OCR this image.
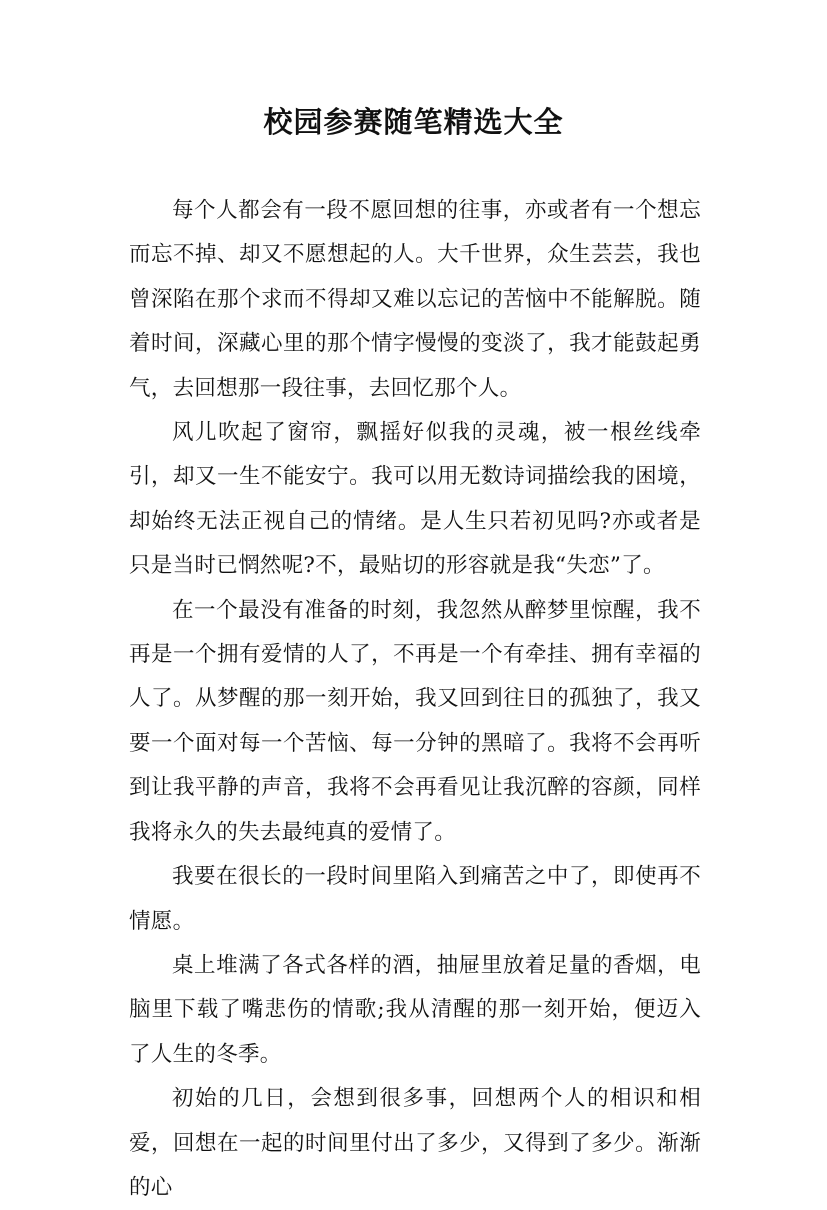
校园参赛随笔精选大全

每个人都会有一段不愿回想的往事，亦或者有一个想忘而忘不掉、却又不愿想起的人。大千世界，众生芸芸，我也曾深陷在那个求而不得却又难以忘记的苦恼中不能解脱。随着时间，深藏心里的那个情字慢慢的变淡了，我才能鼓起勇气，去回想那一段往事，去回忆那个人。

风儿吹起了窗帘，飘摇好似我的灵魂，被一根丝线牵引，却又一生不能安宁。我可以用无数诗词描绘我的困境，却始终无法正视自己的情绪。是人生只若初见吗?亦或者是只是当时已惘然呢?不，最贴切的形容就是我“失恋”了。

在一个最没有准备的时刻，我忽然从醉梦里惊醒，我不再是一个拥有爱情的人了，不再是一个有牵挂、拥有幸福的人了。从梦醒的那一刻开始，我又回到往日的孤独了，我又要一个面对每一个苦恼、每一分钟的黑暗了。我将不会再听到让我平静的声音，我将不会再看见让我沉醉的容颜，同样我将永久的失去最纯真的爱情了。

我要在很长的一段时间里陷入到痛苦之中了，即使再不情愿。

桌上堆满了各式各样的酒，抽屉里放着足量的香烟，电脑里下载了嘴悲伤的情歌;我从清醒的那一刻开始，便迈入了人生的冬季。

初始的几日，会想到很多事，回想两个人的相识和相爱，回想在一起的时间里付出了多少，又得到了多少。渐渐的心
